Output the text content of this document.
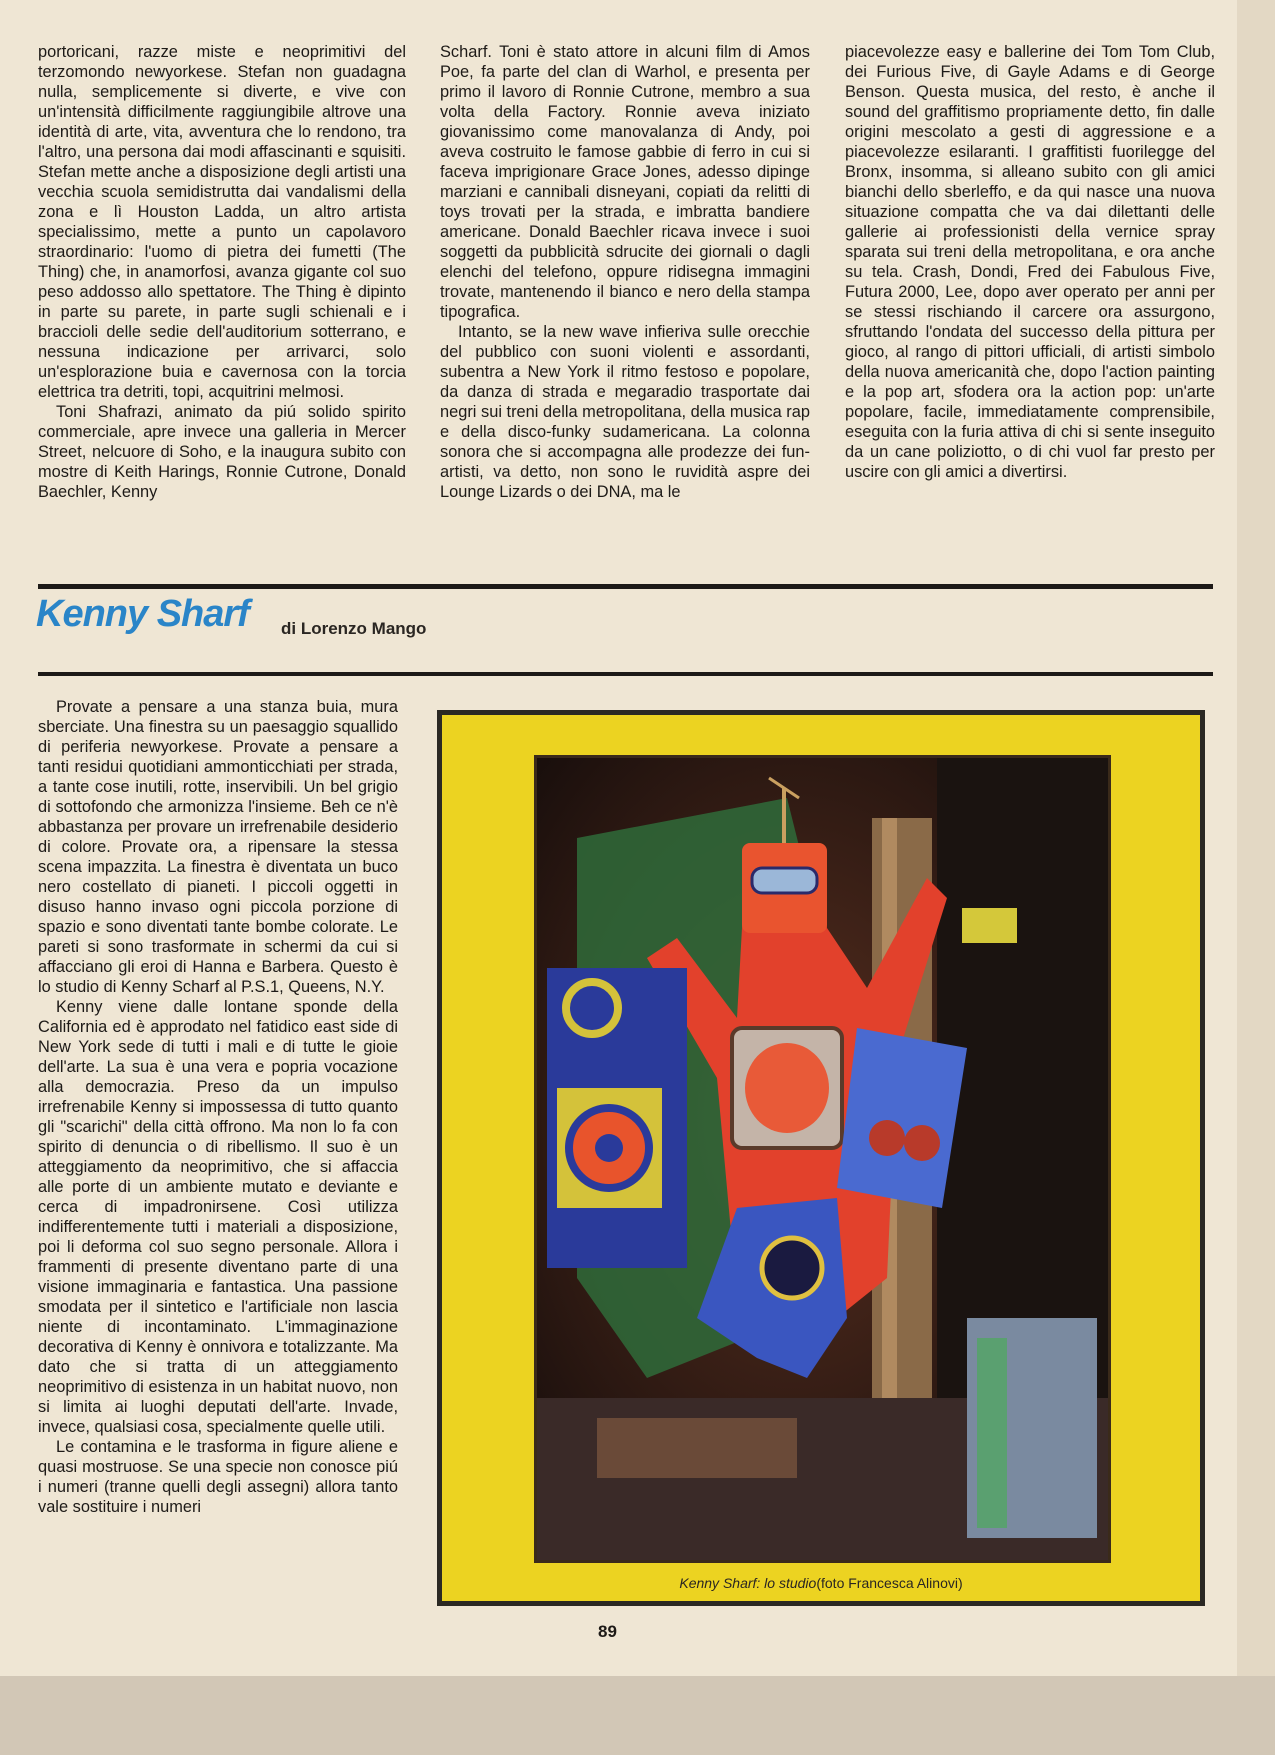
portoricani, razze miste e neoprimitivi del terzomondo newyorkese. Stefan non guadagna nulla, semplicemente si diverte, e vive con un'intensità difficilmente raggiungibile altrove una identità di arte, vita, avventura che lo rendono, tra l'altro, una persona dai modi affascinanti e squisiti. Stefan mette anche a disposizione degli artisti una vecchia scuola semidistrutta dai vandalismi della zona e lì Houston Ladda, un altro artista specialissimo, mette a punto un capolavoro straordinario: l'uomo di pietra dei fumetti (The Thing) che, in anamorfosi, avanza gigante col suo peso addosso allo spettatore. The Thing è dipinto in parte su parete, in parte sugli schienali e i braccioli delle sedie dell'auditorium sotterrano, e nessuna indicazione per arrivarci, solo un'esplorazione buia e cavernosa con la torcia elettrica tra detriti, topi, acquitrini melmosi.

Toni Shafrazi, animato da piú solido spirito commerciale, apre invece una galleria in Mercer Street, nelcuore di Soho, e la inaugura subito con mostre di Keith Harings, Ronnie Cutrone, Donald Baechler, Kenny

Scharf. Toni è stato attore in alcuni film di Amos Poe, fa parte del clan di Warhol, e presenta per primo il lavoro di Ronnie Cutrone, membro a sua volta della Factory. Ronnie aveva iniziato giovanissimo come manovalanza di Andy, poi aveva costruito le famose gabbie di ferro in cui si faceva imprigionare Grace Jones, adesso dipinge marziani e cannibali disneyani, copiati da relitti di toys trovati per la strada, e imbratta bandiere americane. Donald Baechler ricava invece i suoi soggetti da pubblicità sdrucite dei giornali o dagli elenchi del telefono, oppure ridisegna immagini trovate, mantenendo il bianco e nero della stampa tipografica.

Intanto, se la new wave infieriva sulle orecchie del pubblico con suoni violenti e assordanti, subentra a New York il ritmo festoso e popolare, da danza di strada e megaradio trasportate dai negri sui treni della metropolitana, della musica rap e della disco-funky sudamericana. La colonna sonora che si accompagna alle prodezze dei fun-artisti, va detto, non sono le ruvidità aspre dei Lounge Lizards o dei DNA, ma le

piacevolezze easy e ballerine dei Tom Tom Club, dei Furious Five, di Gayle Adams e di George Benson. Questa musica, del resto, è anche il sound del graffitismo propriamente detto, fin dalle origini mescolato a gesti di aggressione e a piacevolezze esilaranti. I graffitisti fuorilegge del Bronx, insomma, si alleano subito con gli amici bianchi dello sberleffo, e da qui nasce una nuova situazione compatta che va dai dilettanti delle gallerie ai professionisti della vernice spray sparata sui treni della metropolitana, e ora anche su tela. Crash, Dondi, Fred dei Fabulous Five, Futura 2000, Lee, dopo aver operato per anni per se stessi rischiando il carcere ora assurgono, sfruttando l'ondata del successo della pittura per gioco, al rango di pittori ufficiali, di artisti simbolo della nuova americanità che, dopo l'action painting e la pop art, sfodera ora la action pop: un'arte popolare, facile, immediatamente comprensibile, eseguita con la furia attiva di chi si sente inseguito da un cane poliziotto, o di chi vuol far presto per uscire con gli amici a divertirsi.

Kenny Sharf di Lorenzo Mango

Provate a pensare a una stanza buia, mura sberciate. Una finestra su un paesaggio squallido di periferia newyorkese. Provate a pensare a tanti residui quotidiani ammonticchiati per strada, a tante cose inutili, rotte, inservibili. Un bel grigio di sottofondo che armonizza l'insieme. Beh ce n'è abbastanza per provare un irrefrenabile desiderio di colore. Provate ora, a ripensare la stessa scena impazzita. La finestra è diventata un buco nero costellato di pianeti. I piccoli oggetti in disuso hanno invaso ogni piccola porzione di spazio e sono diventati tante bombe colorate. Le pareti si sono trasformate in schermi da cui si affacciano gli eroi di Hanna e Barbera. Questo è lo studio di Kenny Scharf al P.S.1, Queens, N.Y.

Kenny viene dalle lontane sponde della California ed è approdato nel fatidico east side di New York sede di tutti i mali e di tutte le gioie dell'arte. La sua è una vera e popria vocazione alla democrazia. Preso da un impulso irrefrenabile Kenny si impossessa di tutto quanto gli "scarichi" della città offrono. Ma non lo fa con spirito di denuncia o di ribellismo. Il suo è un atteggiamento da neoprimitivo, che si affaccia alle porte di un ambiente mutato e deviante e cerca di impadronirsene. Così utilizza indifferentemente tutti i materiali a disposizione, poi li deforma col suo segno personale. Allora i frammenti di presente diventano parte di una visione immaginaria e fantastica. Una passione smodata per il sintetico e l'artificiale non lascia niente di incontaminato. L'immaginazione decorativa di Kenny è onnivora e totalizzante. Ma dato che si tratta di un atteggiamento neoprimitivo di esistenza in un habitat nuovo, non si limita ai luoghi deputati dell'arte. Invade, invece, qualsiasi cosa, specialmente quelle utili.

Le contamina e le trasforma in figure aliene e quasi mostruose. Se una specie non conosce piú i numeri (tranne quelli degli assegni) allora tanto vale sostituire i numeri

Kenny Sharf: lo studio(foto Francesca Alinovi)
89
